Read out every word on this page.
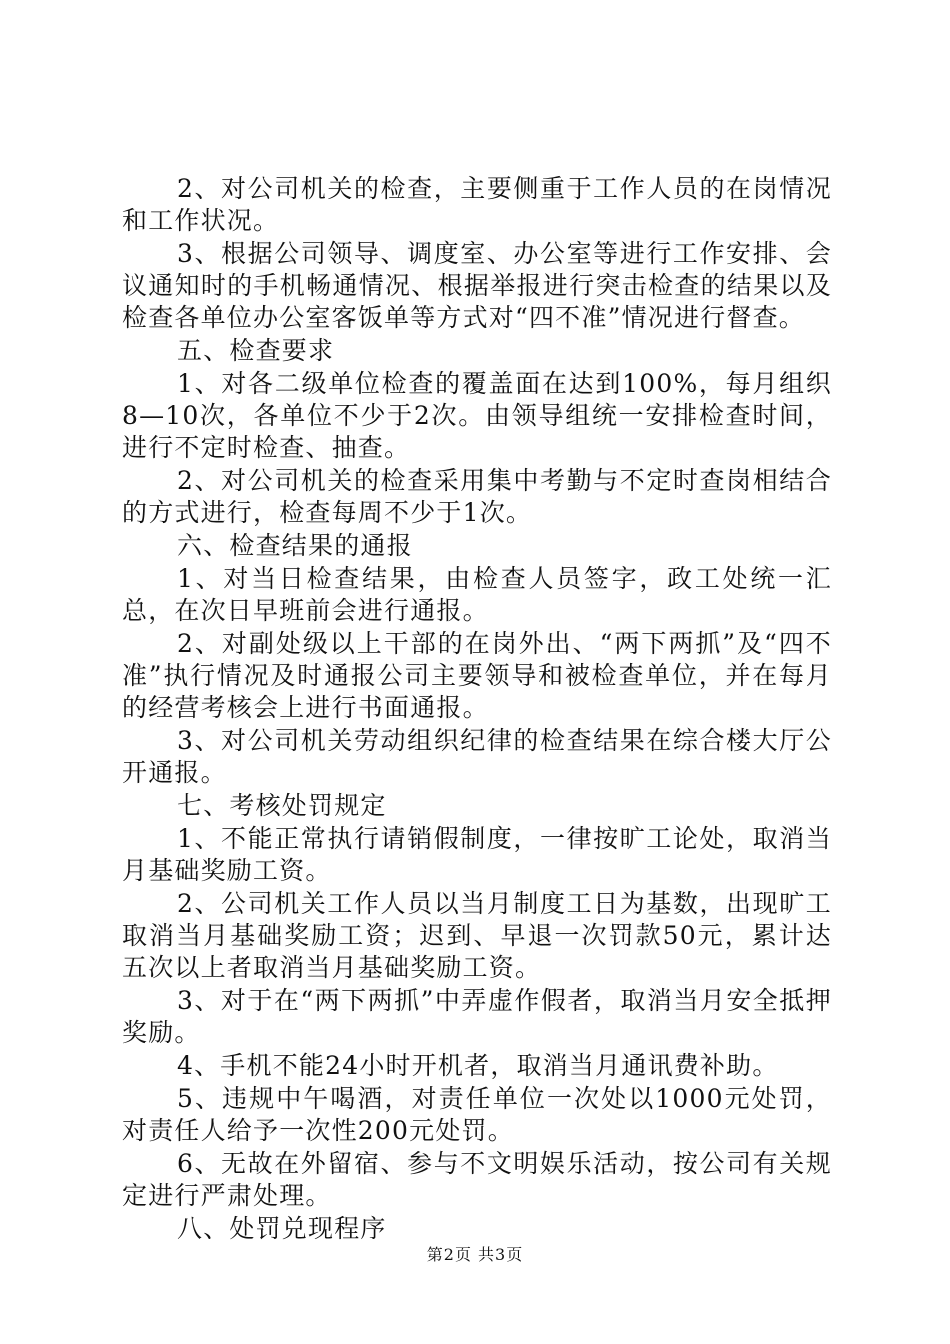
2、对公司机关的检查，主要侧重于工作人员的在岗情况和工作状况。

3、根据公司领导、调度室、办公室等进行工作安排、会议通知时的手机畅通情况、根据举报进行突击检查的结果以及检查各单位办公室客饭单等方式对“四不准”情况进行督查。

五、检查要求

1、对各二级单位检查的覆盖面在达到100%，每月组织8—10次，各单位不少于2次。由领导组统一安排检查时间，进行不定时检查、抽查。

2、对公司机关的检查采用集中考勤与不定时查岗相结合的方式进行，检查每周不少于1次。

六、检查结果的通报

1、对当日检查结果，由检查人员签字，政工处统一汇总，在次日早班前会进行通报。

2、对副处级以上干部的在岗外出、“两下两抓”及“四不准”执行情况及时通报公司主要领导和被检查单位，并在每月的经营考核会上进行书面通报。

3、对公司机关劳动组织纪律的检查结果在综合楼大厅公开通报。

七、考核处罚规定

1、不能正常执行请销假制度，一律按旷工论处，取消当月基础奖励工资。

2、公司机关工作人员以当月制度工日为基数，出现旷工取消当月基础奖励工资；迟到、早退一次罚款50元，累计达五次以上者取消当月基础奖励工资。

3、对于在“两下两抓”中弄虚作假者，取消当月安全抵押奖励。

4、手机不能24小时开机者，取消当月通讯费补助。

5、违规中午喝酒，对责任单位一次处以1000元处罚，对责任人给予一次性200元处罚。

6、无故在外留宿、参与不文明娱乐活动，按公司有关规定进行严肃处理。

八、处罚兑现程序

第2页 共3页
